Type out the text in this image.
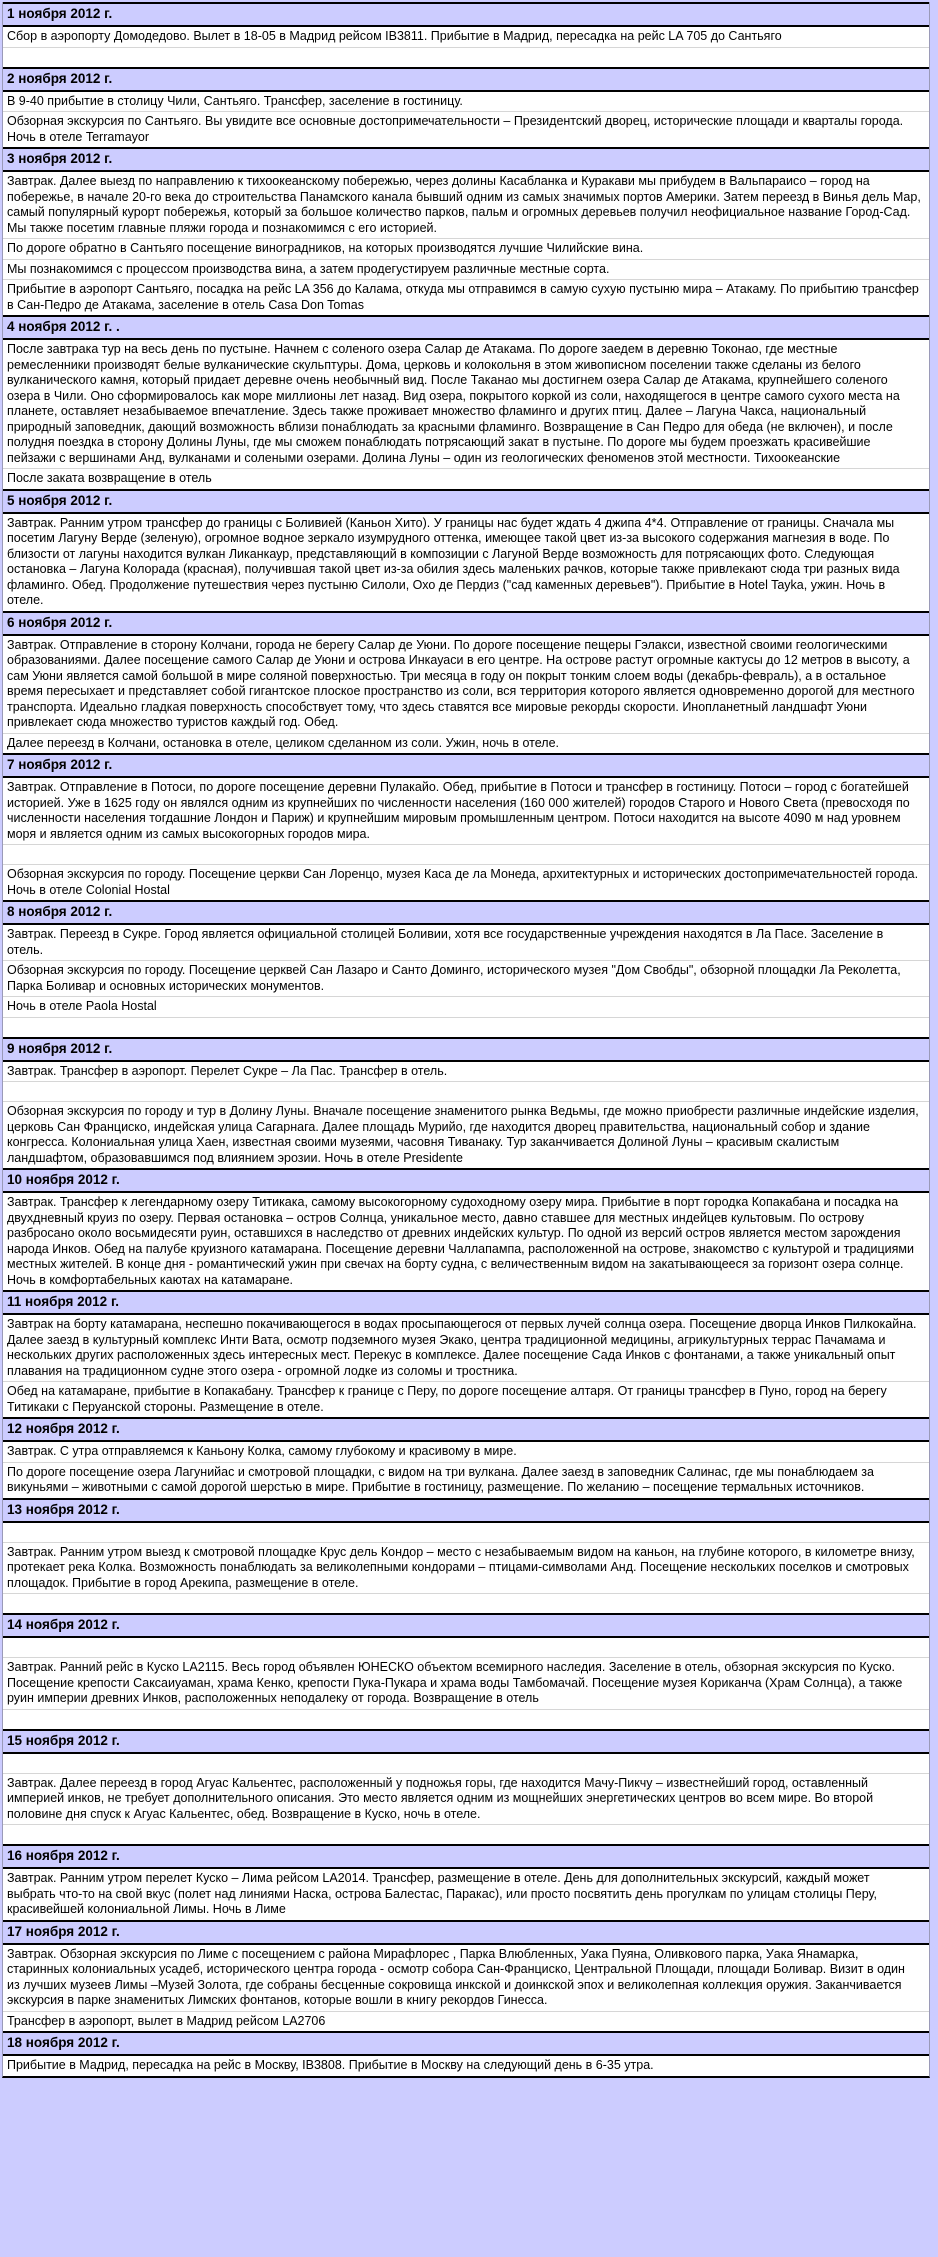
1 ноября 2012 г.
Сбор в аэропорту Домодедово. Вылет в 18-05 в Мадрид рейсом IB3811. Прибытие в Мадрид, пересадка на рейс LA 705 до Сантьяго
2 ноября 2012 г.
В 9-40 прибытие в столицу Чили, Сантьяго. Трансфер, заселение в гостиницу.
Обзорная экскурсия по Сантьяго. Вы увидите все основные достопримечательности – Президентский дворец, исторические площади и кварталы города. Ночь в отеле Terramayor
3 ноября 2012 г.
Завтрак. Далее выезд по направлению к тихоокеанскому побережью, через долины Касабланка и Куракави мы прибудем в Вальпараисо – город на побережье, в начале 20-го века до строительства Панамского канала бывший одним из самых значимых портов Америки. Затем переезд в Винья дель Мар, самый популярный курорт побережья, который за большое количество парков, пальм и огромных деревьев получил неофициальное название Город-Сад. Мы также посетим главные пляжи города и познакомимся с его историей.
По дороге обратно в Сантьяго посещение виноградников, на которых производятся лучшие Чилийские вина.
Мы познакомимся с процессом производства вина, а затем продегустируем различные местные сорта.
Прибытие в аэропорт Сантьяго, посадка на рейс LA 356 до Калама, откуда мы отправимся в самую сухую пустыню мира – Атакаму. По прибытию трансфер в Сан-Педро де Атакама, заселение в отель Casa Don Tomas
4 ноября 2012 г. .
После завтрака тур на весь день по пустыне. Начнем с соленого озера Салар де Атакама. По дороге заедем в деревню Токонао, где местные ремесленники производят белые вулканические скульптуры. Дома, церковь и колокольня в этом живописном поселении также сделаны из белого вулканического камня, который придает деревне очень необычный вид. После Таканао мы достигнем озера Салар де Атакама, крупнейшего соленого озера в Чили. Оно сформировалось как море миллионы лет назад. Вид озера, покрытого коркой из соли, находящегося в центре самого сухого места на планете, оставляет незабываемое впечатление. Здесь также проживает множество фламинго и других птиц. Далее – Лагуна Чакса, национальный природный заповедник, дающий возможность вблизи понаблюдать за красными фламинго. Возвращение в Сан Педро для обеда (не включен), и после полудня поездка в сторону Долины Луны, где мы сможем понаблюдать потрясающий закат в пустыне. По дороге мы будем проезжать красивейшие пейзажи с вершинами Анд, вулканами и солеными озерами. Долина Луны – один из геологических феноменов этой местности. Тихоокеанские
После заката возвращение в отель
5 ноября 2012 г.
Завтрак. Ранним утром трансфер до границы с Боливией (Каньон Хито). У границы нас будет ждать 4 джипа 4*4. Отправление от границы. Сначала мы посетим Лагуну Верде (зеленую), огромное водное зеркало изумрудного оттенка, имеющее такой цвет из-за высокого содержания магнезия в воде. По близости от лагуны находится вулкан Ликанкаур, представляющий в композиции с Лагуной Верде возможность для потрясающих фото. Следующая остановка – Лагуна Колорада (красная), получившая такой цвет из-за обилия здесь маленьких рачков, которые также привлекают сюда три разных вида фламинго. Обед. Продолжение путешествия через пустыню Силоли, Охо де Пердиз ("сад каменных деревьев"). Прибытие в Hotel Tayka, ужин. Ночь в отеле.
6 ноября 2012 г.
Завтрак. Отправление в сторону Колчани, города не берегу Салар де Уюни. По дороге посещение пещеры Гэлакси, известной своими геологическими образованиями. Далее посещение самого Салар де Уюни и острова Инкауаси в его центре. На острове растут огромные кактусы до 12 метров в высоту, а сам Уюни является самой большой в мире соляной поверхностью. Три месяца в году он покрыт тонким слоем воды (декабрь-февраль), а в остальное время пересыхает и представляет собой гигантское плоское пространство из соли, вся территория которого является одновременно дорогой для местного транспорта. Идеально гладкая поверхность способствует тому, что здесь ставятся все мировые рекорды скорости. Инопланетный ландшафт Уюни привлекает сюда множество туристов каждый год. Обед.
Далее переезд в Колчани, остановка в отеле, целиком сделанном из соли. Ужин, ночь в отеле.
7 ноября 2012 г.
Завтрак. Отправление в Потоси, по дороге посещение деревни Пулакайо. Обед, прибытие в Потоси и трансфер в гостиницу. Потоси – город с богатейшей историей. Уже в 1625 году он являлся одним из крупнейших по численности населения (160 000 жителей) городов Старого и Нового Света (превосходя по численности населения тогдашние Лондон и Париж) и крупнейшим мировым промышленным центром. Потоси находится на высоте 4090 м над уровнем моря и является одним из самых высокогорных городов мира.
Обзорная экскурсия по городу. Посещение церкви Сан Лоренцо, музея Каса де ла Монеда, архитектурных и исторических достопримечательностей города. Ночь в отеле Colonial Hostal
8 ноября 2012 г.
Завтрак. Переезд в Сукре. Город является официальной столицей Боливии, хотя все государственные учреждения находятся в Ла Пасе. Заселение в отель.
Обзорная экскурсия по городу. Посещение церквей Сан Лазаро и Санто Доминго, исторического музея "Дом Свобды", обзорной площадки Ла Реколетта, Парка Боливар и основных исторических монументов.
Ночь в отеле Paola Hostal
9 ноября 2012 г.
Завтрак. Трансфер в аэропорт. Перелет Сукре – Ла Пас. Трансфер в отель.
Обзорная экскурсия по городу и тур в Долину Луны. Вначале посещение знаменитого рынка Ведьмы, где можно приобрести различные индейские изделия, церковь Сан Франциско, индейская улица Сагарнага. Далее площадь Мурийо, где находится дворец правительства, национальный собор и здание конгресса. Колониальная улица Хаен, известная своими музеями, часовня Тиванаку. Тур заканчивается Долиной Луны – красивым скалистым ландшафтом, образовавшимся под влиянием эрозии. Ночь в отеле Presidente
10 ноября 2012 г.
Завтрак. Трансфер к легендарному озеру Титикака, самому высокогорному судоходному озеру мира. Прибытие в порт городка Копакабана и посадка на двухдневный круиз по озеру. Первая остановка – остров Солнца, уникальное место, давно ставшее для местных индейцев культовым. По острову разбросано около восьмидесяти руин, оставшихся в наследство от древних индейских культур. По одной из версий остров является местом зарождения народа Инков. Обед на палубе круизного катамарана. Посещение деревни Чаллапампа, расположенной на острове, знакомство с культурой и традициями местных жителей. В конце дня - романтический ужин при свечах на борту судна, с величественным видом на закатывающееся за горизонт озера солнце. Ночь в комфортабельных каютах на катамаране.
11 ноября 2012 г.
Завтрак на борту катамарана, неспешно покачивающегося в водах просыпающегося от первых лучей солнца озера. Посещение дворца Инков Пилкокайна. Далее заезд в культурный комплекс Инти Вата, осмотр подземного музея Экако, центра традиционной медицины, агрикультурных террас Пачамама и нескольких других расположенных здесь интересных мест. Перекус в комплексе. Далее посещение Сада Инков с фонтанами, а также уникальный опыт плавания на традиционном судне этого озера - огромной лодке из соломы и тростника.
Обед на катамаране, прибытие в Копакабану. Трансфер к границе с Перу, по дороге посещение алтаря. От границы трансфер в Пуно, город на берегу Титикаки с Перуанской стороны. Размещение в отеле.
12 ноября 2012 г.
Завтрак. С утра отправляемся к Каньону Колка, самому глубокому и красивому в мире.
По дороге посещение озера Лагунийас и смотровой площадки, с видом на три вулкана. Далее заезд в заповедник Салинас, где мы понаблюдаем за викуньями – животными с самой дорогой шерстью в мире. Прибытие в гостиницу, размещение. По желанию – посещение термальных источников.
13 ноября 2012 г.
Завтрак. Ранним утром выезд к смотровой площадке Крус дель Кондор – место с незабываемым видом на каньон, на глубине которого, в километре внизу, протекает река Колка. Возможность понаблюдать за великолепными кондорами – птицами-символами Анд. Посещение нескольких поселков и смотровых площадок. Прибытие в город Арекипа, размещение в отеле.
14 ноября 2012 г.
Завтрак. Ранний рейс в Куско LA2115. Весь город объявлен ЮНЕСКО объектом всемирного наследия. Заселение в отель, обзорная экскурсия по Куско. Посещение крепости Саксаиуаман, храма Кенко, крепости Пука-Пукара и храма воды Тамбомачай. Посещение музея Кориканча (Храм Солнца), а также руин империи древних Инков, расположенных неподалеку от города. Возвращение в отель
15 ноября 2012 г.
Завтрак. Далее переезд в город Агуас Кальентес, расположенный у подножья горы, где находится Мачу-Пикчу – известнейший город, оставленный империей инков, не требует дополнительного описания. Это место является одним из мощнейших энергетических центров во всем мире. Во второй половине дня спуск к Агуас Кальентес, обед. Возвращение в Куско, ночь в отеле.
16 ноября 2012 г.
Завтрак. Ранним утром перелет Куско – Лима рейсом LA2014. Трансфер, размещение в отеле. День для дополнительных экскурсий, каждый может выбрать что-то на свой вкус (полет над линиями Наска, острова Балестас, Паракас), или просто посвятить день прогулкам по улицам столицы Перу, красивейшей колониальной Лимы. Ночь в Лиме
17 ноября 2012 г.
Завтрак. Обзорная экскурсия по Лиме с посещением с района Мирафлорес , Парка Влюбленных, Уака Пуяна, Оливкового парка, Уака Янамарка, старинных колониальных усадеб, исторического центра города - осмотр собора Сан-Франциско, Центральной Площади, площади Боливар. Визит в один из лучших музеев Лимы –Музей Золота, где собраны бесценные сокровища инкской и доинкской эпох и великолепная коллекция оружия. Заканчивается экскурсия в парке знаменитых Лимских фонтанов, которые вошли в книгу рекордов Гинесса.
Трансфер в аэропорт, вылет в Мадрид рейсом LA2706
18 ноября 2012 г.
Прибытие в Мадрид, пересадка на рейс в Москву, IB3808. Прибытие в Москву на следующий день в 6-35 утра.
